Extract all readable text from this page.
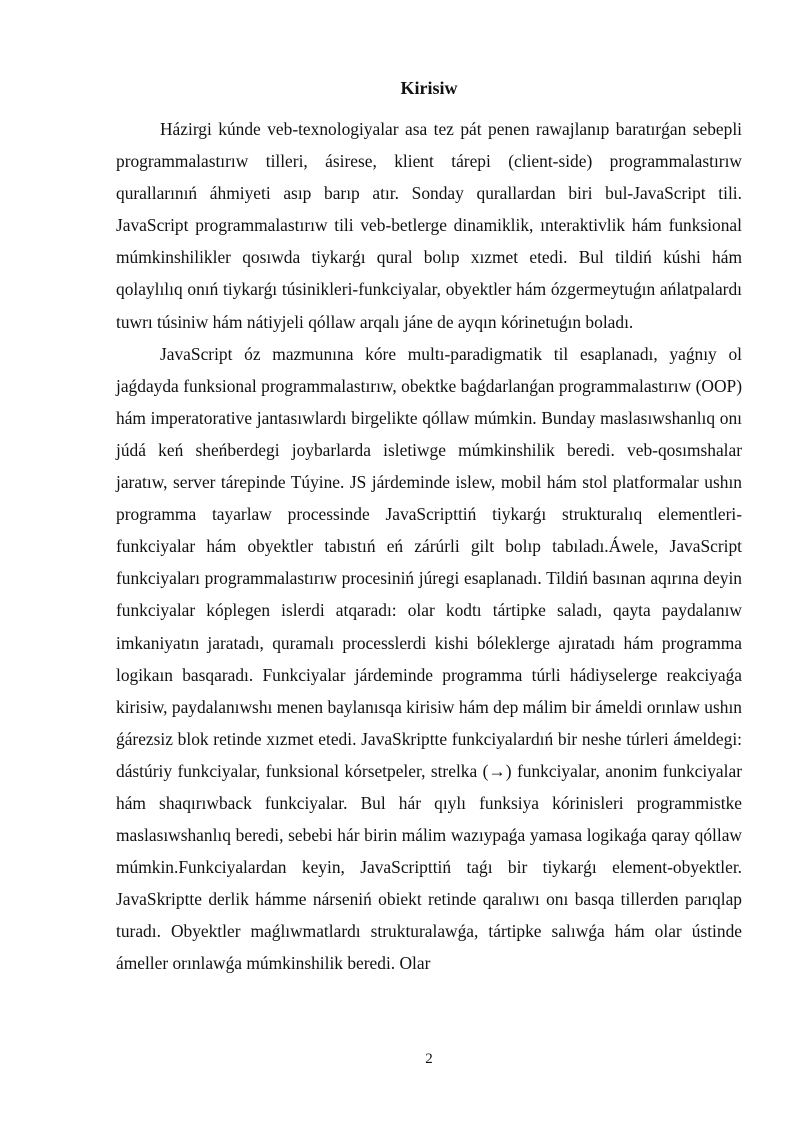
Kirisiw

Házirgi kúnde veb-texnologiyalar asa tez pát penen rawajlanıp baratırǵan sebepli programmalastırıw tilleri, ásirese, klient tárepi (client-side) programmalastırıw qurallarınıń áhmiyeti asıp barıp atır. Sonday qurallardan biri bul-JavaScript tili. JavaScript programmalastırıw tili veb-betlerge dinamiklik, ınteraktivlik hám funksional múmkinshilikler qosıwda tiykarǵı qural bolıp xızmet etedi. Bul tildiń kúshi hám qolaylılıq onıń tiykarǵı túsinikleri-funkciyalar, obyektler hám ózgermeytuǵın ańlatpalardı tuwrı túsiniw hám nátiyjeli qóllaw arqalı jáne de ayqın kórinetuǵın boladı.

JavaScript óz mazmunına kóre multı-paradigmatik til esaplanadı, yaǵnıy ol jaǵdayda funksional programmalastırıw, obektke baǵdarlanǵan programmalastırıw (OOP) hám imperatorative jantasıwlardı birgelikte qóllaw múmkin. Bunday maslasıwshanlıq onı júdá keń sheńberdegi joybarlarda isletiwge múmkinshilik beredi. veb-qosımshalar jaratıw, server tárepinde Túyine. JS járdeminde islew, mobil hám stol platformalar ushın programma tayarlaw processinde JavaScripttiń tiykarǵı strukturalıq elementleri-funkciyalar hám obyektler tabıstıń eń zárúrli gilt bolıp tabıladı.Áwele, JavaScript funkciyaları programmalastırıw procesiniń júregi esaplanadı. Tildiń basınan aqırına deyin funkciyalar kóplegen islerdi atqaradı: olar kodtı tártipke saladı, qayta paydalanıw imkaniyatın jaratadı, quramalı processlerdi kishi bóleklerge ajıratadı hám programma logikaın basqaradı. Funkciyalar járdeminde programma túrli hádiyselerge reakciyaǵa kirisiw, paydalanıwshı menen baylanısqa kirisiw hám dep málim bir ámeldi orınlaw ushın ǵárezsiz blok retinde xızmet etedi. JavaSkriptte funkciyalardıń bir neshe túrleri ámeldegi: dástúriy funkciyalar, funksional kórsetpeler, strelka (→) funkciyalar, anonim funkciyalar hám shaqırıwback funkciyalar. Bul hár qıylı funksiya kórinisleri programmistke maslasıwshanlıq beredi, sebebi hár birin málim wazıypaǵa yamasa logikaǵa qaray qóllaw múmkin.Funkciyalardan keyin, JavaScripttiń taǵı bir tiykarǵı element-obyektler. JavaSkriptte derlik hámme nárseniń obiekt retinde qaralıwı onı basqa tillerden parıqlap turadı. Obyektler maǵlıwmatlardı strukturalawǵa, tártipke salıwǵa hám olar ústinde ámeller orınlawǵa múmkinshilik beredi. Olar

2
